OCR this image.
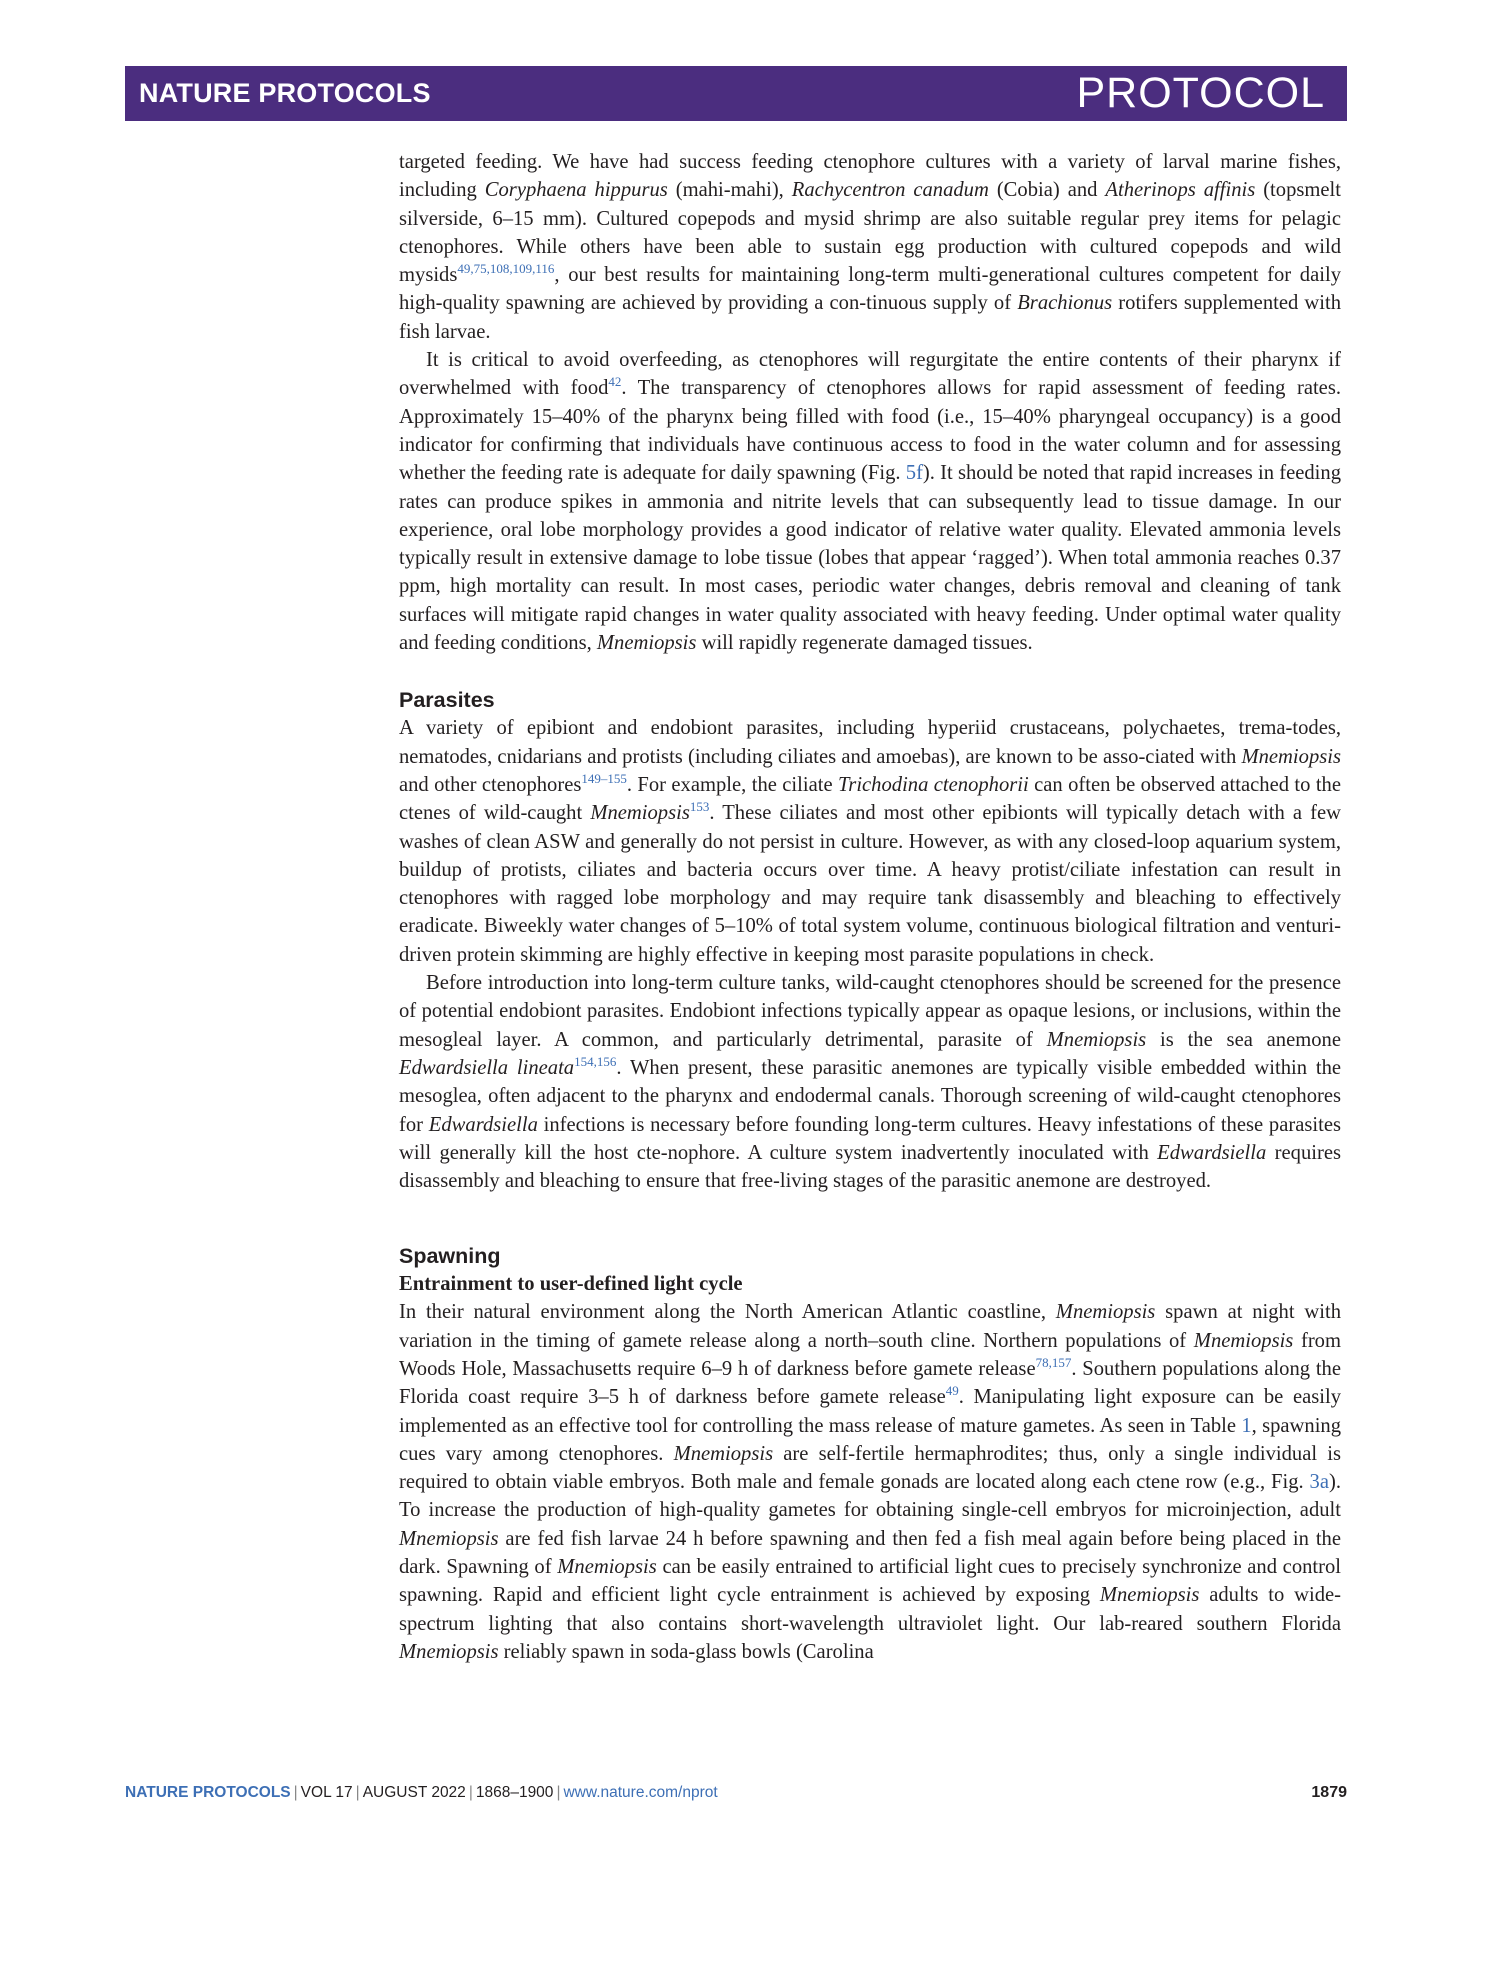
NATURE PROTOCOLS	PROTOCOL

targeted feeding. We have had success feeding ctenophore cultures with a variety of larval marine fishes, including Coryphaena hippurus (mahi-mahi), Rachycentron canadum (Cobia) and Atherinops affinis (topsmelt silverside, 6–15 mm). Cultured copepods and mysid shrimp are also suitable regular prey items for pelagic ctenophores. While others have been able to sustain egg production with cultured copepods and wild mysids$^{49,75,108,109,116}$, our best results for maintaining long-term multi-generational cultures competent for daily high-quality spawning are achieved by providing a con-tinuous supply of Brachionus rotifers supplemented with fish larvae.

It is critical to avoid overfeeding, as ctenophores will regurgitate the entire contents of their pharynx if overwhelmed with food$^{42}$. The transparency of ctenophores allows for rapid assessment of feeding rates. Approximately 15–40% of the pharynx being filled with food (i.e., 15–40% pharyngeal occupancy) is a good indicator for confirming that individuals have continuous access to food in the water column and for assessing whether the feeding rate is adequate for daily spawning (Fig. 5f). It should be noted that rapid increases in feeding rates can produce spikes in ammonia and nitrite levels that can subsequently lead to tissue damage. In our experience, oral lobe morphology provides a good indicator of relative water quality. Elevated ammonia levels typically result in extensive damage to lobe tissue (lobes that appear ‘ragged’). When total ammonia reaches 0.37 ppm, high mortality can result. In most cases, periodic water changes, debris removal and cleaning of tank surfaces will mitigate rapid changes in water quality associated with heavy feeding. Under optimal water quality and feeding conditions, Mnemiopsis will rapidly regenerate damaged tissues.

Parasites

A variety of epibiont and endobiont parasites, including hyperiid crustaceans, polychaetes, trema-todes, nematodes, cnidarians and protists (including ciliates and amoebas), are known to be asso-ciated with Mnemiopsis and other ctenophores$^{149-155}$. For example, the ciliate Trichodina ctenophorii can often be observed attached to the ctenes of wild-caught Mnemiopsis$^{153}$. These ciliates and most other epibionts will typically detach with a few washes of clean ASW and generally do not persist in culture. However, as with any closed-loop aquarium system, buildup of protists, ciliates and bacteria occurs over time. A heavy protist/ciliate infestation can result in ctenophores with ragged lobe morphology and may require tank disassembly and bleaching to effectively eradicate. Biweekly water changes of 5–10% of total system volume, continuous biological filtration and venturi-driven protein skimming are highly effective in keeping most parasite populations in check.

Before introduction into long-term culture tanks, wild-caught ctenophores should be screened for the presence of potential endobiont parasites. Endobiont infections typically appear as opaque lesions, or inclusions, within the mesogleal layer. A common, and particularly detrimental, parasite of Mnemiopsis is the sea anemone Edwardsiella lineata$^{154,156}$. When present, these parasitic anemones are typically visible embedded within the mesoglea, often adjacent to the pharynx and endodermal canals. Thorough screening of wild-caught ctenophores for Edwardsiella infections is necessary before founding long-term cultures. Heavy infestations of these parasites will generally kill the host cte-nophore. A culture system inadvertently inoculated with Edwardsiella requires disassembly and bleaching to ensure that free-living stages of the parasitic anemone are destroyed.

Spawning
Entrainment to user-defined light cycle

In their natural environment along the North American Atlantic coastline, Mnemiopsis spawn at night with variation in the timing of gamete release along a north–south cline. Northern populations of Mnemiopsis from Woods Hole, Massachusetts require 6–9 h of darkness before gamete release$^{78,157}$. Southern populations along the Florida coast require 3–5 h of darkness before gamete release$^{49}$. Manipulating light exposure can be easily implemented as an effective tool for controlling the mass release of mature gametes. As seen in Table 1, spawning cues vary among ctenophores. Mnemiopsis are self-fertile hermaphrodites; thus, only a single individual is required to obtain viable embryos. Both male and female gonads are located along each ctene row (e.g., Fig. 3a). To increase the production of high-quality gametes for obtaining single-cell embryos for microinjection, adult Mnemiopsis are fed fish larvae 24 h before spawning and then fed a fish meal again before being placed in the dark. Spawning of Mnemiopsis can be easily entrained to artificial light cues to precisely synchronize and control spawning. Rapid and efficient light cycle entrainment is achieved by exposing Mnemiopsis adults to wide-spectrum lighting that also contains short-wavelength ultraviolet light. Our lab-reared southern Florida Mnemiopsis reliably spawn in soda-glass bowls (Carolina

NATURE PROTOCOLS | VOL 17 | AUGUST 2022 | 1868–1900 | www.nature.com/nprot	1879
